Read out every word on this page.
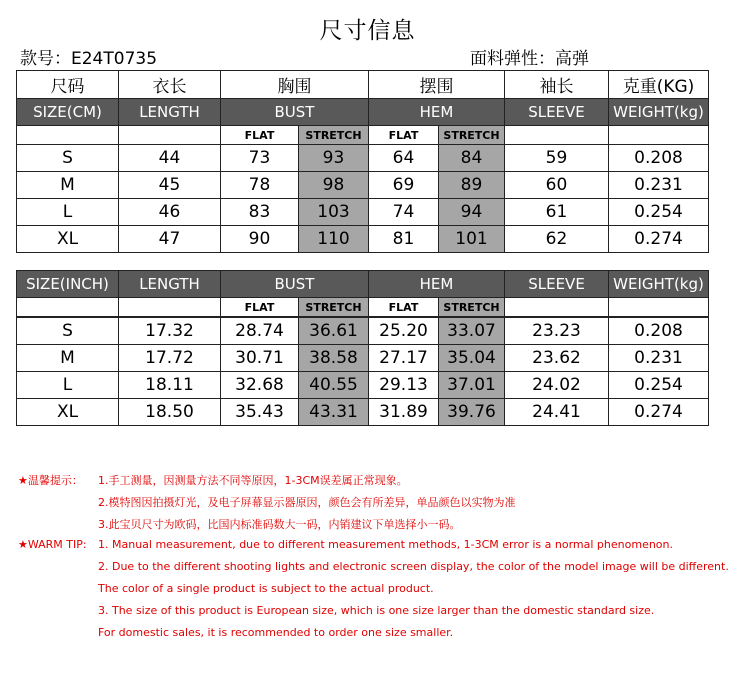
尺寸信息
款号：E24T0735	面料弹性：高弹
尺码	衣长	胸围		摆围		袖长	克重(KG)
SIZE(CM)	LENGTH	BUST		HEM		SLEEVE	WEIGHT(kg)
		FLAT	STRETCH	FLAT	STRETCH		
S	44	73	93	64	84	59	0.208
M	45	78	98	69	89	60	0.231
L	46	83	103	74	94	61	0.254
XL	47	90	110	81	101	62	0.274
SIZE(INCH)	LENGTH	BUST		HEM		SLEEVE	WEIGHT(kg)
		FLAT	STRETCH	FLAT	STRETCH		

S	17.32	28.74	36.61	25.20	33.07	23.23	0.208
M	17.72	30.71	38.58	27.17	35.04	23.62	0.231
L	18.11	32.68	40.55	29.13	37.01	24.02	0.254
XL	18.50	35.43	43.31	31.89	39.76	24.41	0.274
★温馨提示： 1.手工测量，因测量方法不同等原因，1-3CM误差属正常现象。
2.模特图因拍摄灯光，及电子屏幕显示器原因，颜色会有所差异，单品颜色以实物为准
3.此宝贝尺寸为欧码，比国内标准码数大一码，内销建议下单选择小一码。
★WARM TIP: 1. Manual measurement, due to different measurement methods, 1-3CM error is a normal phenomenon.
2. Due to the different shooting lights and electronic screen display, the color of the model image will be different.
The color of a single product is subject to the actual product.
3. The size of this product is European size, which is one size larger than the domestic standard size.
For domestic sales, it is recommended to order one size smaller.
